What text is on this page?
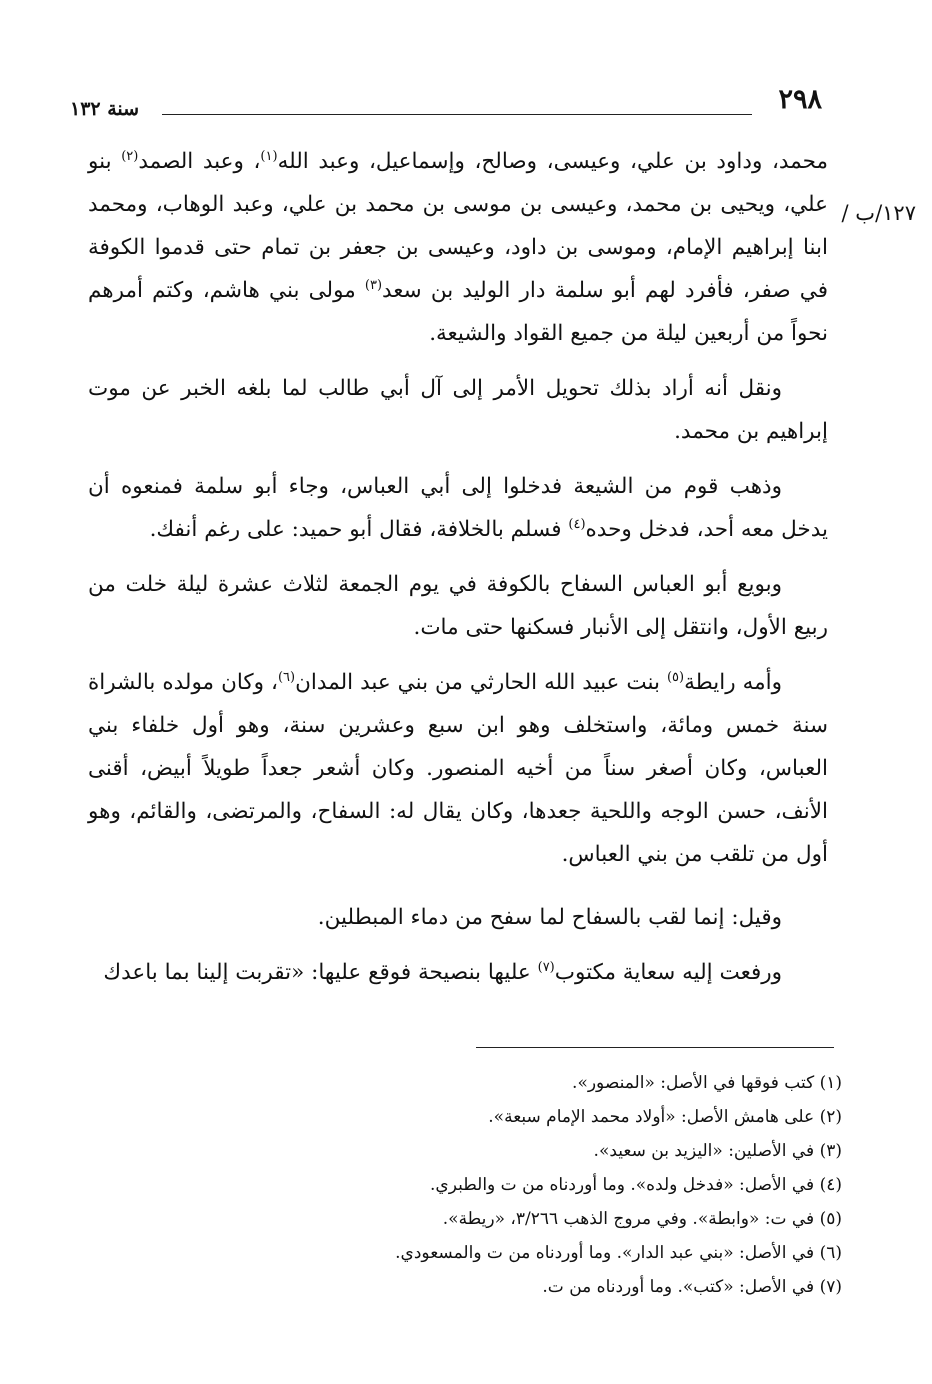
٢٩٨
سنة ١٣٢
١٢٧/ب /

محمد، وداود بن علي، وعيسى، وصالح، وإسماعيل، وعبد الله$^{(١)}$، وعبد الصمد$^{(٢)}$ بنو علي، ويحيى بن محمد، وعيسى بن موسى بن محمد بن علي، وعبد الوهاب، ومحمد ابنا إبراهيم الإمام، وموسى بن داود، وعيسى بن جعفر بن تمام حتى قدموا الكوفة في صفر، فأفرد لهم أبو سلمة دار الوليد بن سعد$^{(٣)}$ مولى بني هاشم، وكتم أمرهم نحواً من أربعين ليلة من جميع القواد والشيعة.

ونقل أنه أراد بذلك تحويل الأمر إلى آل أبي طالب لما بلغه الخبر عن موت إبراهيم بن محمد.

وذهب قوم من الشيعة فدخلوا إلى أبي العباس، وجاء أبو سلمة فمنعوه أن يدخل معه أحد، فدخل وحده$^{(٤)}$ فسلم بالخلافة، فقال أبو حميد: على رغم أنفك.

وبويع أبو العباس السفاح بالكوفة في يوم الجمعة لثلاث عشرة ليلة خلت من ربيع الأول، وانتقل إلى الأنبار فسكنها حتى مات.

وأمه رايطة$^{(٥)}$ بنت عبيد الله الحارثي من بني عبد المدان$^{(٦)}$، وكان مولده بالشراة سنة خمس ومائة، واستخلف وهو ابن سبع وعشرين سنة، وهو أول خلفاء بني العباس، وكان أصغر سناً من أخيه المنصور. وكان أشعر جعداً طويلاً أبيض، أقنى الأنف، حسن الوجه واللحية جعدها، وكان يقال له: السفاح، والمرتضى، والقائم، وهو أول من تلقب من بني العباس.

وقيل: إنما لقب بالسفاح لما سفح من دماء المبطلين.

ورفعت إليه سعاية مكتوب$^{(٧)}$ عليها بنصيحة فوقع عليها: «تقربت إلينا بما باعدك

(١) كتب فوقها في الأصل: «المنصور».

(٢) على هامش الأصل: «أولاد محمد الإمام سبعة».

(٣) في الأصلين: «اليزيد بن سعيد».

(٤) في الأصل: «فدخل ولده». وما أوردناه من ت والطبري.

(٥) في ت: «وابطة». وفي مروج الذهب ٣/٢٦٦، «ريطة».

(٦) في الأصل: «بني عبد الدار». وما أوردناه من ت والمسعودي.

(٧) في الأصل: «كتب». وما أوردناه من ت.
